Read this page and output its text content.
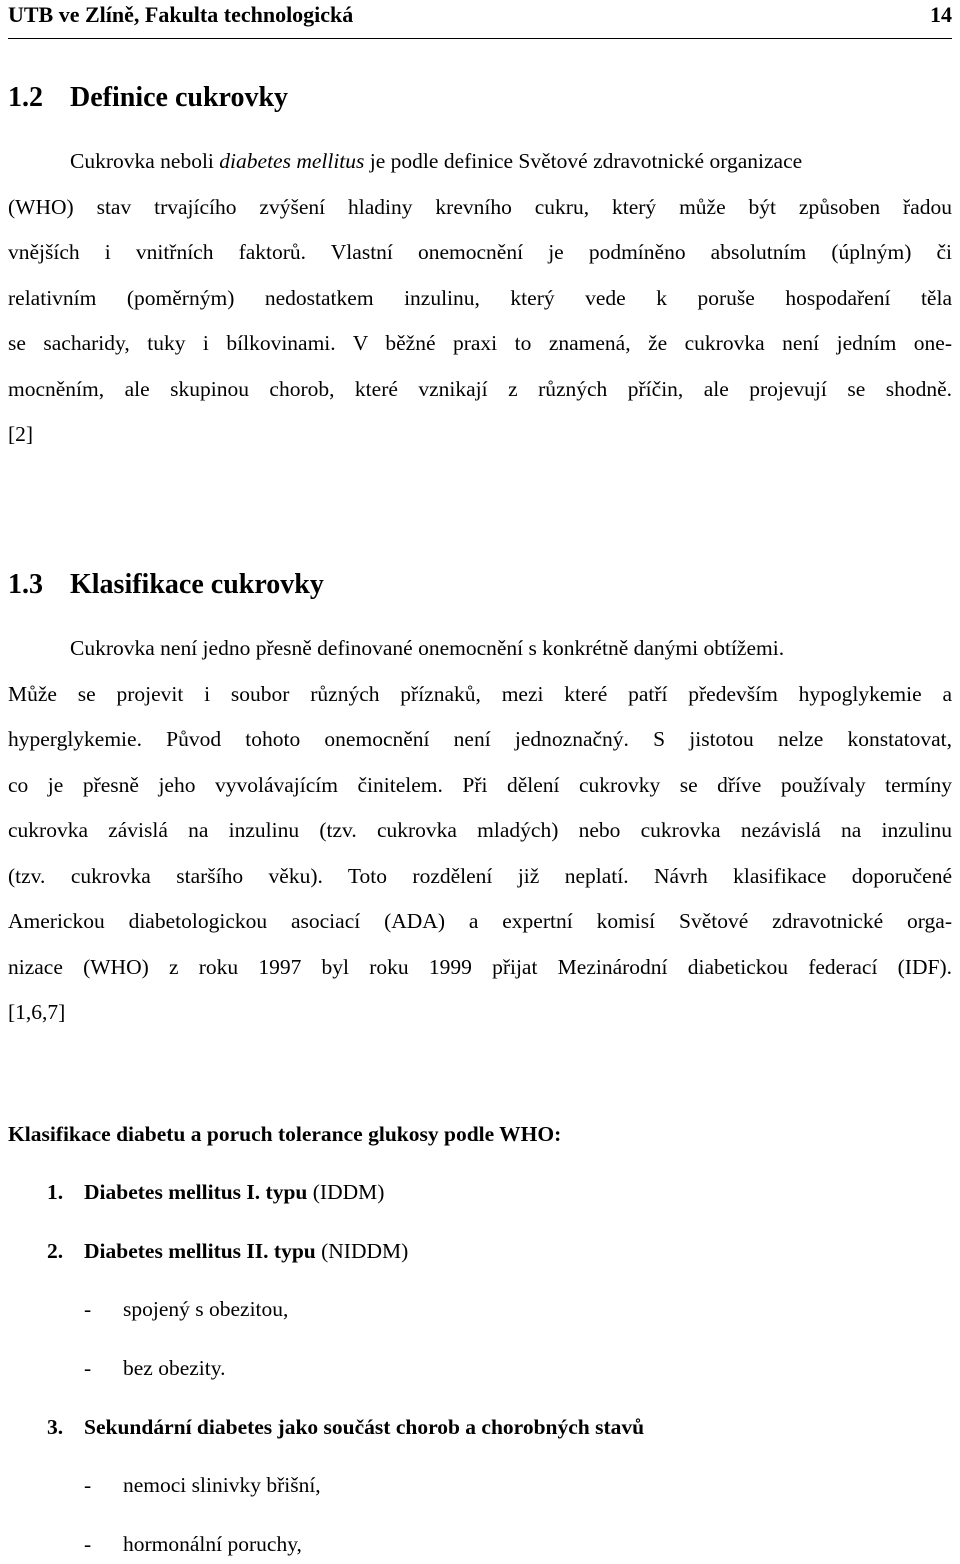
UTB ve Zlíně, Fakulta technologická	14
1.2 Definice cukrovky
Cukrovka neboli diabetes mellitus je podle definice Světové zdravotnické organizace
(WHO) stav trvajícího zvýšení hladiny krevního cukru, který může být způsoben řadou
vnějších i vnitřních faktorů. Vlastní onemocnění je podmíněno absolutním (úplným) či
relativním (poměrným) nedostatkem inzulinu, který vede k poruše hospodaření těla
se sacharidy, tuky i bílkovinami. V běžné praxi to znamená, že cukrovka není jedním one-
mocněním, ale skupinou chorob, které vznikají z různých příčin, ale projevují se shodně.
[2]
1.3 Klasifikace cukrovky
Cukrovka není jedno přesně definované onemocnění s konkrétně danými obtížemi.
Může se projevit i soubor různých příznaků, mezi které patří především hypoglykemie a
hyperglykemie. Původ tohoto onemocnění není jednoznačný. S jistotou nelze konstatovat,
co je přesně jeho vyvolávajícím činitelem. Při dělení cukrovky se dříve používaly termíny
cukrovka závislá na inzulinu (tzv. cukrovka mladých) nebo cukrovka nezávislá na inzulinu
(tzv. cukrovka staršího věku). Toto rozdělení již neplatí. Návrh klasifikace doporučené
Americkou diabetologickou asociací (ADA) a expertní komisí Světové zdravotnické orga-
nizace (WHO) z roku 1997 byl roku 1999 přijat Mezinárodní diabetickou federací (IDF).
[1,6,7]
Klasifikace diabetu a poruch tolerance glukosy podle WHO:
1. Diabetes mellitus I. typu (IDDM)
2. Diabetes mellitus II. typu (NIDDM)
- spojený s obezitou,
- bez obezity.
3. Sekundární diabetes jako součást chorob a chorobných stavů
- nemoci slinivky břišní,
- hormonální poruchy,
